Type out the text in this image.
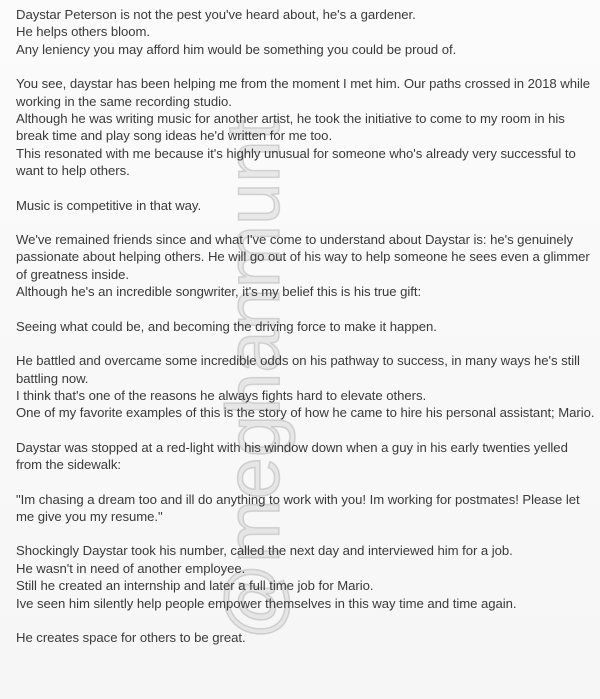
@meghanmunt

Daystar Peterson is not the pest you've heard about, he's a gardener.

He helps others bloom.

Any leniency you may afford him would be something you could be proud of.

You see, daystar has been helping me from the moment I met him. Our paths crossed in 2018 while working in the same recording studio.

Although he was writing music for another artist, he took the initiative to come to my room in his break time and play song ideas he'd written for me too.

This resonated with me because it's highly unusual for someone who's already very successful to want to help others.

Music is competitive in that way.

We've remained friends since and what I've come to understand about Daystar is: he's genuinely passionate about helping others. He will go out of his way to help someone he sees even a glimmer of greatness inside.

Although he's an incredible songwriter, it's my belief this is his true gift:

Seeing what could be, and becoming the driving force to make it happen.

He battled and overcame some incredible odds on his pathway to success, in many ways he's still battling now.

I think that's one of the reasons he always fights hard to elevate others.

One of my favorite examples of this is the story of how he came to hire his personal assistant; Mario.

Daystar was stopped at a red-light with his window down when a guy in his early twenties yelled from the sidewalk:

"Im chasing a dream too and ill do anything to work with you! Im working for postmates! Please let me give you my resume."

Shockingly Daystar took his number, called the next day and interviewed him for a job.

He wasn't in need of another employee.

Still he created an internship and later a full time job for Mario.

Ive seen him silently help people empower themselves in this way time and time again.

He creates space for others to be great.
